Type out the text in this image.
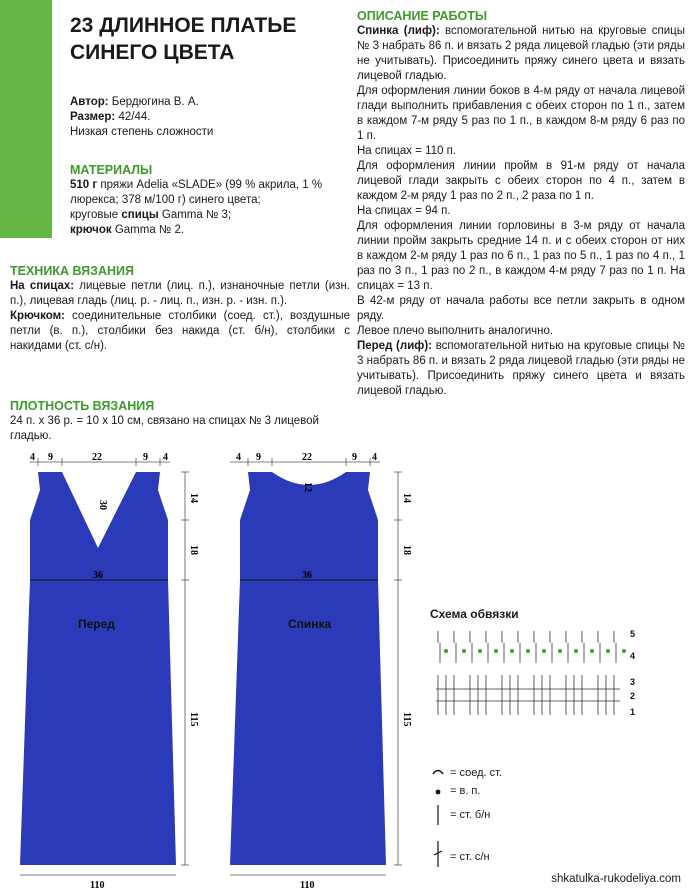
23 ДЛИННОЕ ПЛАТЬЕ
СИНЕГО ЦВЕТА
Автор: Бердюгина В. А.
Размер: 42/44.
Низкая степень сложности
МАТЕРИАЛЫ
510 г пряжи Adelia «SLADE» (99 % акрила, 1 % люрекса; 378 м/100 г) синего цвета;
круговые спицы Gamma № 3;
крючок Gamma № 2.
ТЕХНИКА ВЯЗАНИЯ

На спицах: лицевые петли (лиц. п.), изнаночные петли (изн. п.), лицевая гладь (лиц. р. - лиц. п., изн. р. - изн. п.).

Крючком: соединительные столбики (соед. ст.), воздушные петли (в. п.), столбики без накида (ст. б/н), столбики с накидами (ст. с/н).

ПЛОТНОСТЬ ВЯЗАНИЯ
24 п. х 36 р. = 10 х 10 см, связано на спицах № 3 лицевой гладью.
ОПИСАНИЕ РАБОТЫ

Спинка (лиф): вспомогательной нитью на круговые спицы № 3 набрать 86 п. и вязать 2 ряда лицевой гладью (эти ряды не учитывать). Присоединить пряжу синего цвета и вязать лицевой гладью.

Для оформления линии боков в 4-м ряду от начала лицевой глади выполнить прибавления с обеих сторон по 1 п., затем в каждом 7-м ряду 5 раз по 1 п., в каждом 8-м ряду 6 раз по 1 п.

На спицах = 110 п.

Для оформления линии пройм в 91-м ряду от начала лицевой глади закрыть с обеих сторон по 4 п., затем в каждом 2-м ряду 1 раз по 2 п., 2 раза по 1 п.

На спицах = 94 п.

Для оформления линии горловины в 3-м ряду от начала линии пройм закрыть средние 14 п. и с обеих сторон от них в каждом 2-м ряду 1 раз по 6 п., 1 раз по 5 п., 1 раз по 4 п., 1 раз по 3 п., 1 раз по 2 п., в каждом 4-м ряду 7 раз по 1 п. На спицах = 13 п.

В 42-м ряду от начала работы все петли закрыть в одном ряду.

Левое плечо выполнить аналогично.

Перед (лиф): вспомогательной нитью на круговые спицы № 3 набрать 86 п. и вязать 2 ряда лицевой гладью (эти ряды не учитывать). Присоединить пряжу синего цвета и вязать лицевой гладью.

4 9	22	9 4
30
36
Перед
14
18
115
110
4 9	22	9 4
12
36
Спинка
14
18
115
110
Схема обвязки
5
4
3
2
1
= соед. ст.
= в. п.
= ст. б/н
= ст. с/н
shkatulka-rukodeliya.com
